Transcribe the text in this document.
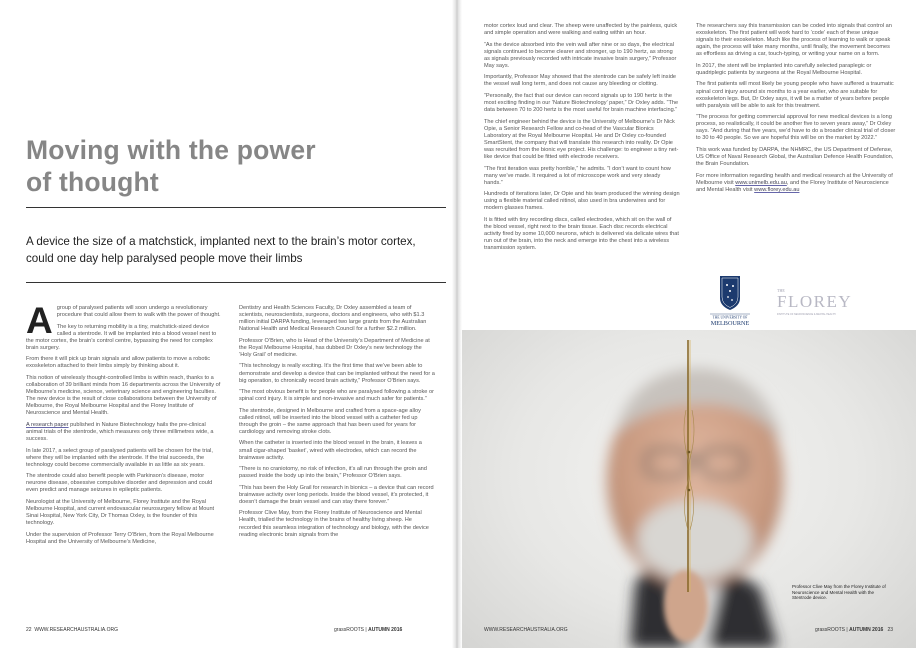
Moving with the power of thought

A device the size of a matchstick, implanted next to the brain’s motor cortex, could one day help paralysed people move their limbs

Agroup of paralysed patients will soon undergo a revolutionary procedure that could allow them to walk with the power of thought.

The key to returning mobility is a tiny, matchstick-sized device called a stentrode. It will be implanted into a blood vessel next to the motor cortex, the brain’s control centre, bypassing the need for complex brain surgery.

From there it will pick up brain signals and allow patients to move a robotic exoskeleton attached to their limbs simply by thinking about it.

This notion of wirelessly thought-controlled limbs is within reach, thanks to a collaboration of 39 brilliant minds from 16 departments across the University of Melbourne’s medicine, science, veterinary science and engineering faculties. The new device is the result of close collaborations between the University of Melbourne, the Royal Melbourne Hospital and the Florey Institute of Neuroscience and Mental Health.

A research paper published in Nature Biotechnology hails the pre-clinical animal trials of the stentrode, which measures only three millimetres wide, a success.

In late 2017, a select group of paralysed patients will be chosen for the trial, where they will be implanted with the stentrode. If the trial succeeds, the technology could become commercially available in as little as six years.

The stentrode could also benefit people with Parkinson’s disease, motor neurone disease, obsessive compulsive disorder and depression and could even predict and manage seizures in epileptic patients.

Neurologist at the University of Melbourne, Florey Institute and the Royal Melbourne Hospital, and current endovascular neurosurgery fellow at Mount Sinai Hospital, New York City, Dr Thomas Oxley, is the founder of this technology.

Under the supervision of Professor Terry O’Brien, from the Royal Melbourne Hospital and the University of Melbourne’s Medicine,

Dentistry and Health Sciences Faculty, Dr Oxley assembled a team of scientists, neuroscientists, surgeons, doctors and engineers, who with $1.3 million initial DARPA funding, leveraged two large grants from the Australian National Health and Medical Research Council for a further $2.2 million.

Professor O’Brien, who is Head of the University’s Department of Medicine at the Royal Melbourne Hospital, has dubbed Dr Oxley’s new technology the ‘Holy Grail’ of medicine.

“This technology is really exciting. It’s the first time that we’ve been able to demonstrate and develop a device that can be implanted without the need for a big operation, to chronically record brain activity,” Professor O’Brien says.

“The most obvious benefit is for people who are paralysed following a stroke or spinal cord injury. It is simple and non-invasive and much safer for patients.”

The stentrode, designed in Melbourne and crafted from a space-age alloy called nitinol, will be inserted into the blood vessel with a catheter fed up through the groin – the same approach that has been used for years for cardiology and removing stroke clots.

When the catheter is inserted into the blood vessel in the brain, it leaves a small cigar-shaped ‘basket’, wired with electrodes, which can record the brainwave activity.

“There is no craniotomy, no risk of infection, it’s all run through the groin and passed inside the body up into the brain,” Professor O’Brien says.

“This has been the Holy Grail for research in bionics – a device that can record brainwave activity over long periods. Inside the blood vessel, it’s protected, it doesn’t damage the brain vessel and can stay there forever.”

Professor Clive May, from the Florey Institute of Neuroscience and Mental Health, trialled the technology in the brains of healthy living sheep. He recorded this seamless integration of technology and biology, with the device reading electronic brain signals from the

22 WWW.RESEARCHAUSTRALIA.ORG	grassROOTS | AUTUMN 2016

motor cortex loud and clear. The sheep were unaffected by the painless, quick and simple operation and were walking and eating within an hour.

“As the device absorbed into the vein wall after nine or so days, the electrical signals continued to become clearer and stronger, up to 190 hertz, as strong as signals previously recorded with intricate invasive brain surgery,” Professor May says.

Importantly, Professor May showed that the stentrode can be safely left inside the vessel wall long term, and does not cause any bleeding or clotting.

“Personally, the fact that our device can record signals up to 190 hertz is the most exciting finding in our ‘Nature Biotechnology’ paper,” Dr Oxley adds. “The data between 70 to 200 hertz is the most useful for brain machine interfacing.”

The chief engineer behind the device is the University of Melbourne’s Dr Nick Opie, a Senior Research Fellow and co-head of the Vascular Bionics Laboratory at the Royal Melbourne Hospital. He and Dr Oxley co-founded SmartStent, the company that will translate this research into reality. Dr Opie was recruited from the bionic eye project. His challenge: to engineer a tiny net-like device that could be fitted with electrode receivers.

“The first iteration was pretty horrible,” he admits. “I don’t want to count how many we’ve made. It required a lot of microscope work and very steady hands.”

Hundreds of iterations later, Dr Opie and his team produced the winning design using a flexible material called nitinol, also used in bra underwires and for modern glasses frames.

It is fitted with tiny recording discs, called electrodes, which sit on the wall of the blood vessel, right next to the brain tissue. Each disc records electrical activity fired by some 10,000 neurons, which is delivered via delicate wires that run out of the brain, into the neck and emerge into the chest into a wireless transmission system.

The researchers say this transmission can be coded into signals that control an exoskeleton. The first patient will work hard to ‘code’ each of these unique signals to their exoskeleton. Much like the process of learning to walk or speak again, the process will take many months, until finally, the movement becomes as effortless as driving a car, touch-typing, or writing your name on a form.

In 2017, the stent will be implanted into carefully selected paraplegic or quadriplegic patients by surgeons at the Royal Melbourne Hospital.

The first patients will most likely be young people who have suffered a traumatic spinal cord injury around six months to a year earlier, who are suitable for exoskeleton legs. But, Dr Oxley says, it will be a matter of years before people with paralysis will be able to ask for this treatment.

“The process for getting commercial approval for new medical devices is a long process, so realistically, it could be another five to seven years away,” Dr Oxley says. “And during that five years, we’d have to do a broader clinical trial of closer to 30 to 40 people. So we are hopeful this will be on the market by 2022.”

This work was funded by DARPA, the NHMRC, the US Department of Defense, US Office of Naval Research Global, the Australian Defence Health Foundation, the Brain Foundation.

For more information regarding health and medical research at the University of Melbourne visit www.unimelb.edu.au, and the Florey Institute of Neuroscience and Mental Health visit www.florey.edu.au

THE UNIVERSITY OF
MELBOURNE
THE
FLOREY
INSTITUTE OF NEUROSCIENCE & MENTAL HEALTH
Professor Clive May from the Florey Institute of Neuroscience and Mental Health with the Stentrode device.
WWW.RESEARCHAUSTRALIA.ORG	grassROOTS | AUTUMN 2016 23
